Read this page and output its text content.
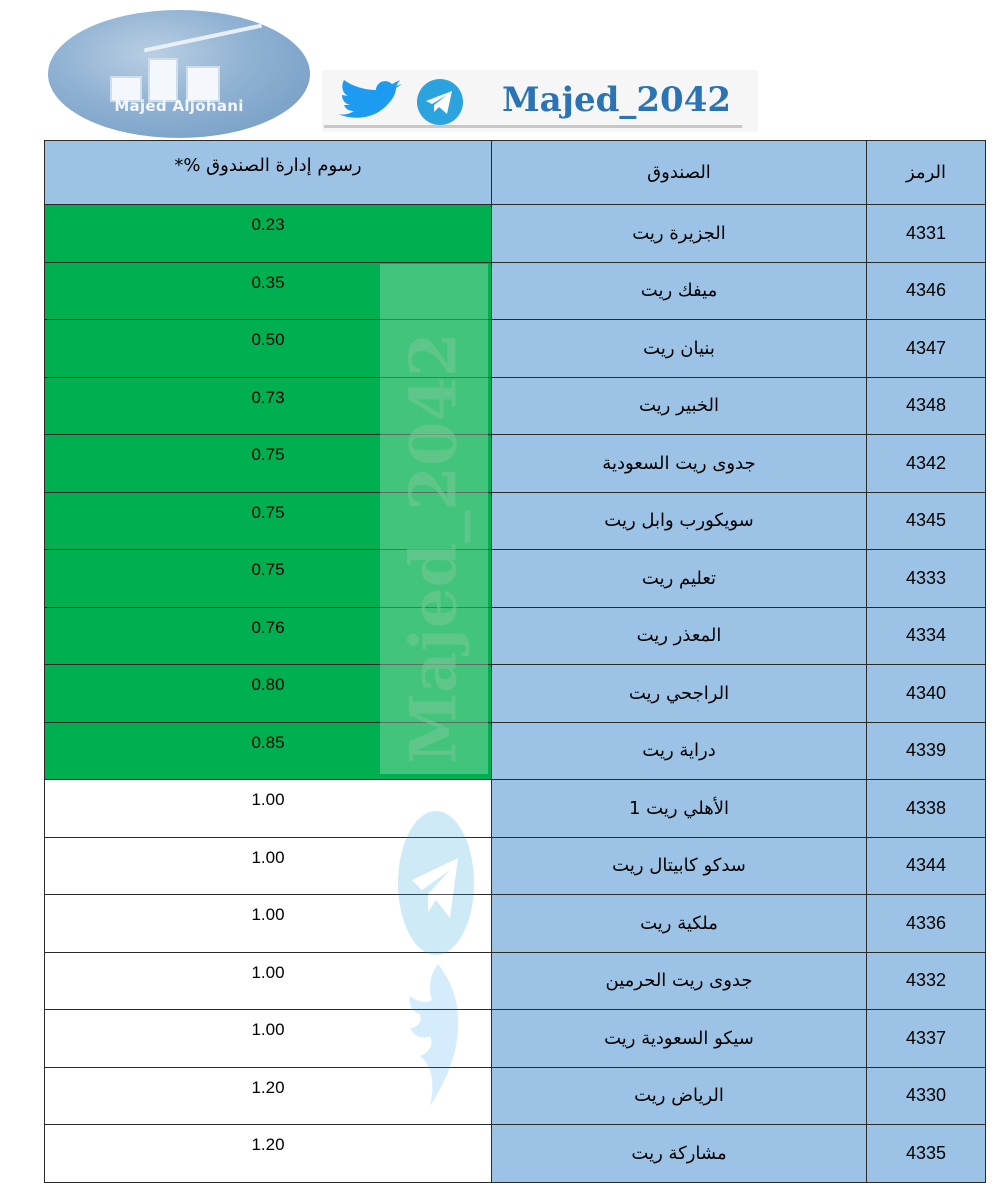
Majed Aljohani	Majed_2042
رسوم إدارة الصندوق %*	الصندوق	الرمز
0.23	الجزيرة ريت	4331
0.35	ميفك ريت	4346
0.50	بنيان ريت	4347
0.73	الخبير ريت	4348
0.75	جدوى ريت السعودية	4342
0.75	سويكورب وابل ريت	4345
0.75	تعليم ريت	4333
0.76	المعذر ريت	4334
0.80	الراجحي ريت	4340
0.85	دراية ريت	4339
1.00	الأهلي ريت 1	4338
1.00	سدكو كابيتال ريت	4344
1.00	ملكية ريت	4336
1.00	جدوى ريت الحرمين	4332
1.00	سيكو السعودية ريت	4337
1.20	الرياض ريت	4330
1.20	مشاركة ريت	4335
Majed_2042
